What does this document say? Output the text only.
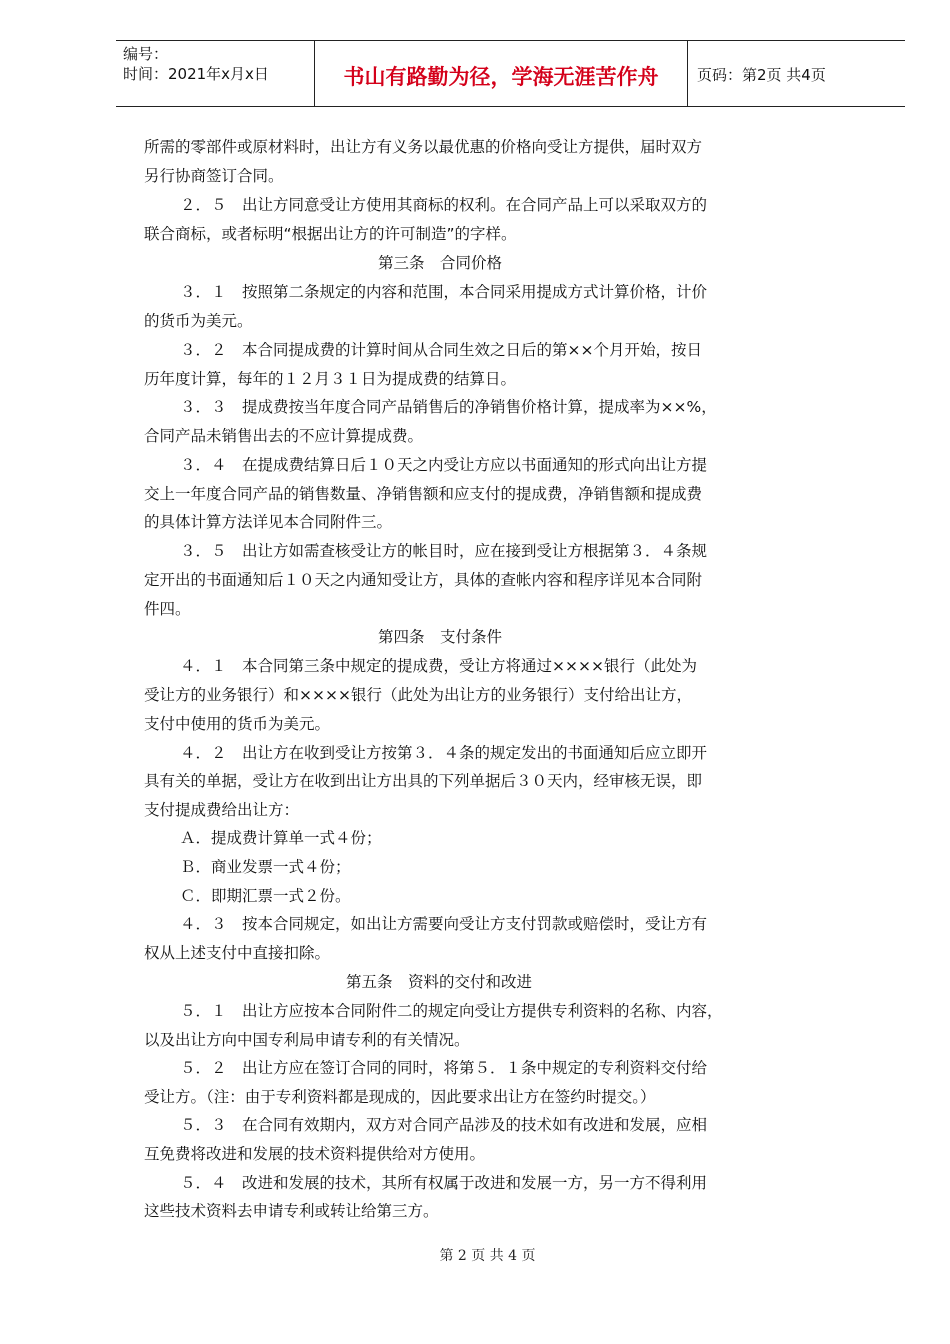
编号：
时间：2021年x月x日	书山有路勤为径，学海无涯苦作舟	页码：第2页 共4页
所需的零部件或原材料时，出让方有义务以最优惠的价格向受让方提供，届时双方
另行协商签订合同。
２．５　出让方同意受让方使用其商标的权利。在合同产品上可以采取双方的
联合商标，或者标明“根据出让方的许可制造”的字样。
第三条　合同价格
３．１　按照第二条规定的内容和范围，本合同采用提成方式计算价格，计价
的货币为美元。
３．２　本合同提成费的计算时间从合同生效之日后的第××个月开始，按日
历年度计算，每年的１２月３１日为提成费的结算日。
３．３　提成费按当年度合同产品销售后的净销售价格计算，提成率为××%，
合同产品未销售出去的不应计算提成费。
３．４　在提成费结算日后１０天之内受让方应以书面通知的形式向出让方提
交上一年度合同产品的销售数量、净销售额和应支付的提成费，净销售额和提成费
的具体计算方法详见本合同附件三。
３．５　出让方如需查核受让方的帐目时，应在接到受让方根据第３．４条规
定开出的书面通知后１０天之内通知受让方，具体的查帐内容和程序详见本合同附
件四。
第四条　支付条件
４．１　本合同第三条中规定的提成费，受让方将通过××××银行（此处为
受让方的业务银行）和××××银行（此处为出让方的业务银行）支付给出让方，
支付中使用的货币为美元。
４．２　出让方在收到受让方按第３．４条的规定发出的书面通知后应立即开
具有关的单据，受让方在收到出让方出具的下列单据后３０天内，经审核无误，即
支付提成费给出让方：
Ａ．提成费计算单一式４份；
Ｂ．商业发票一式４份；
Ｃ．即期汇票一式２份。
４．３　按本合同规定，如出让方需要向受让方支付罚款或赔偿时，受让方有
权从上述支付中直接扣除。
第五条　资料的交付和改进
５．１　出让方应按本合同附件二的规定向受让方提供专利资料的名称、内容，
以及出让方向中国专利局申请专利的有关情况。
５．２　出让方应在签订合同的同时，将第５．１条中规定的专利资料交付给
受让方。（注：由于专利资料都是现成的，因此要求出让方在签约时提交。）
５．３　在合同有效期内，双方对合同产品涉及的技术如有改进和发展，应相
互免费将改进和发展的技术资料提供给对方使用。
５．４　改进和发展的技术，其所有权属于改进和发展一方，另一方不得利用
这些技术资料去申请专利或转让给第三方。
第 2 页 共 4 页
